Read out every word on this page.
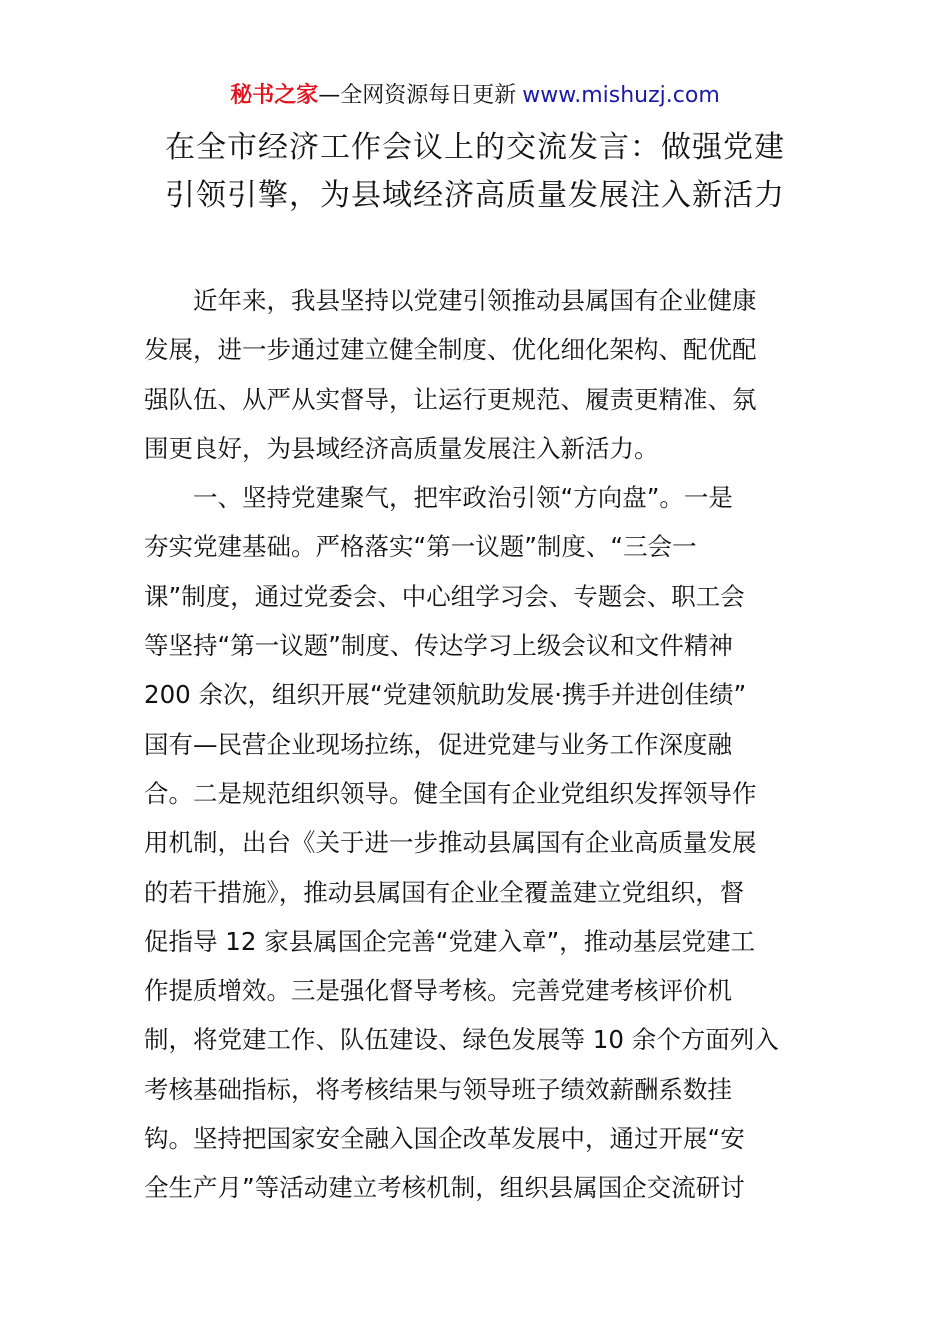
秘书之家—全网资源每日更新 www.mishuzj.com
在全市经济工作会议上的交流发言：做强党建
引领引擎，为县域经济高质量发展注入新活力
近年来，我县坚持以党建引领推动县属国有企业健康
发展，进一步通过建立健全制度、优化细化架构、配优配
强队伍、从严从实督导，让运行更规范、履责更精准、氛
围更良好，为县域经济高质量发展注入新活力。
一、坚持党建聚气，把牢政治引领“方向盘”。一是
夯实党建基础。严格落实“第一议题”制度、“三会一
课”制度，通过党委会、中心组学习会、专题会、职工会
等坚持“第一议题”制度、传达学习上级会议和文件精神
200 余次，组织开展“党建领航助发展·携手并进创佳绩”
国有—民营企业现场拉练，促进党建与业务工作深度融
合。二是规范组织领导。健全国有企业党组织发挥领导作
用机制，出台《关于进一步推动县属国有企业高质量发展
的若干措施》，推动县属国有企业全覆盖建立党组织，督
促指导 12 家县属国企完善“党建入章”，推动基层党建工
作提质增效。三是强化督导考核。完善党建考核评价机
制，将党建工作、队伍建设、绿色发展等 10 余个方面列入
考核基础指标，将考核结果与领导班子绩效薪酬系数挂
钩。坚持把国家安全融入国企改革发展中，通过开展“安
全生产月”等活动建立考核机制，组织县属国企交流研讨
